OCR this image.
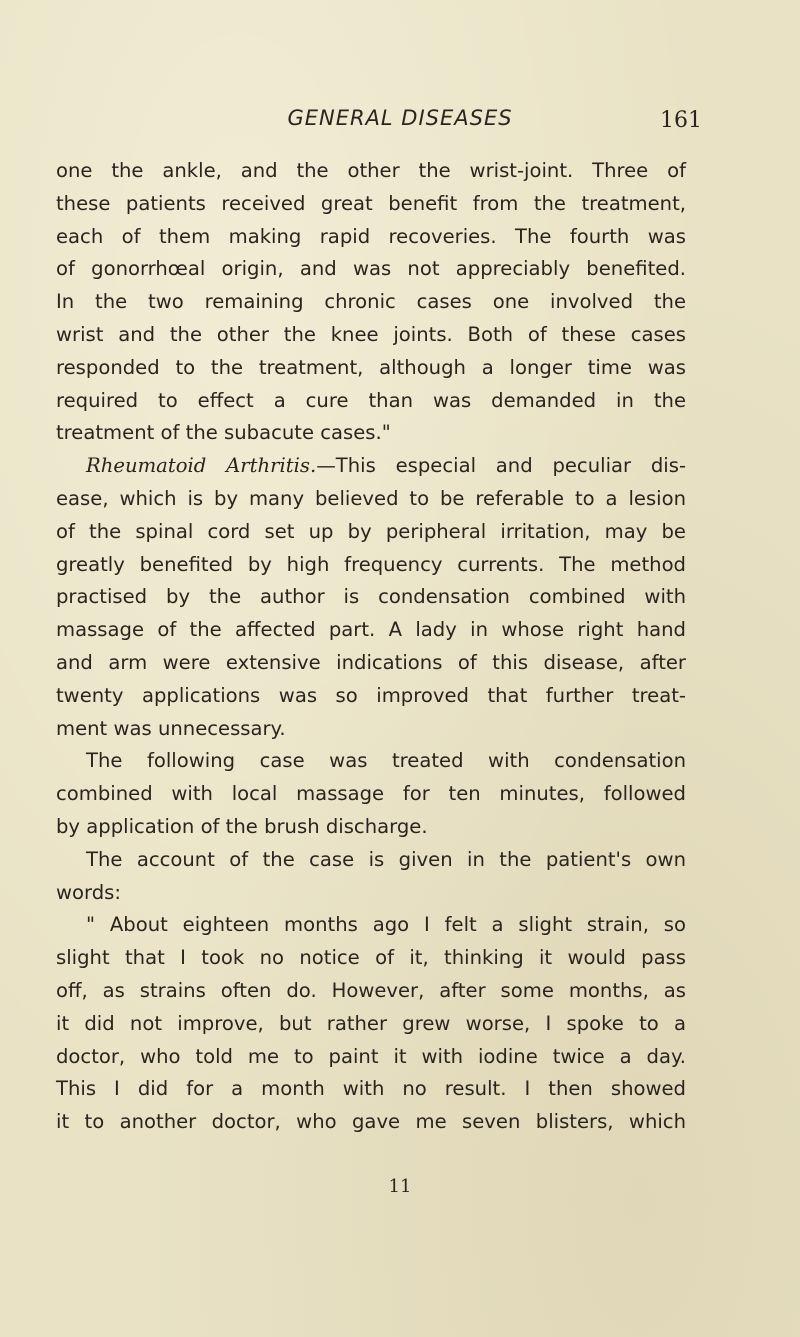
GENERAL DISEASES	161
one the ankle, and the other the wrist-joint. Three of
these patients received great benefit from the treatment,
each of them making rapid recoveries. The fourth was
of gonorrhœal origin, and was not appreciably benefited.
In the two remaining chronic cases one involved the
wrist and the other the knee joints. Both of these cases
responded to the treatment, although a longer time was
required to effect a cure than was demanded in the
treatment of the subacute cases."
Rheumatoid Arthritis.—This especial and peculiar dis-
ease, which is by many believed to be referable to a lesion
of the spinal cord set up by peripheral irritation, may be
greatly benefited by high frequency currents. The method
practised by the author is condensation combined with
massage of the affected part. A lady in whose right hand
and arm were extensive indications of this disease, after
twenty applications was so improved that further treat-
ment was unnecessary.
The following case was treated with condensation
combined with local massage for ten minutes, followed
by application of the brush discharge.
The account of the case is given in the patient's own
words:
" About eighteen months ago I felt a slight strain, so
slight that I took no notice of it, thinking it would pass
off, as strains often do. However, after some months, as
it did not improve, but rather grew worse, I spoke to a
doctor, who told me to paint it with iodine twice a day.
This I did for a month with no result. I then showed
it to another doctor, who gave me seven blisters, which
11
